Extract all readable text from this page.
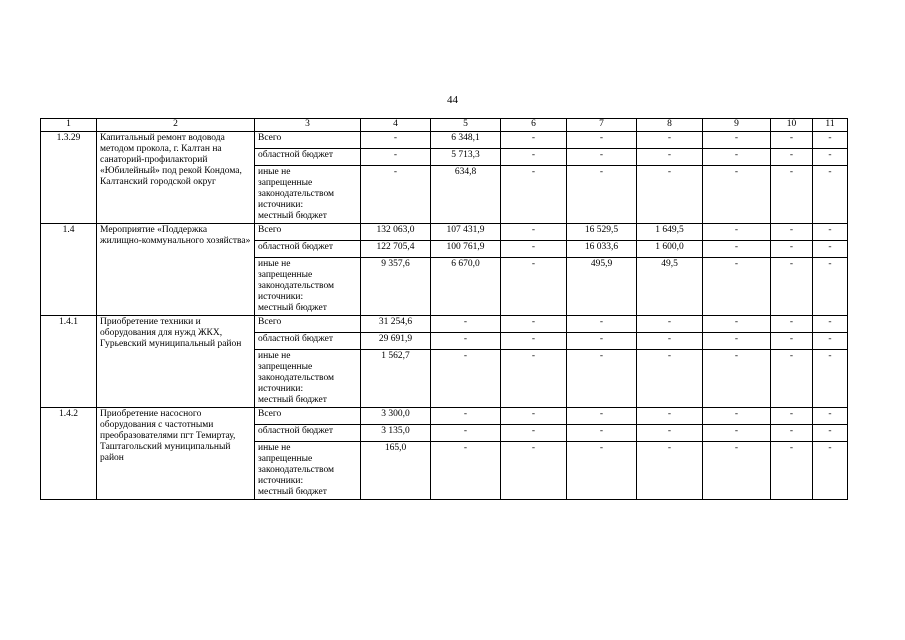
44
1	2	3	4	5	6	7	8	9	10	11
1.3.29	Капитальный ремонт водовода методом прокола, г. Калтан на санаторий-профилакторий «Юбилейный» под рекой Кондома, Калтанский городской округ	Всего	-	6 348,1	-	-	-	-	-	-
		областной бюджет	-	5 713,3	-	-	-	-	-	-

		иные не
запрещенные
законодательством
источники:
местный бюджет	-	634,8	-	-	-	-	-	-
1.4	Мероприятие «Поддержка жилищно-коммунального хозяйства»	Всего	132 063,0	107 431,9	-	16 529,5	1 649,5	-	-	-
		областной бюджет	122 705,4	100 761,9	-	16 033,6	1 600,0	-	-	-

		иные не
запрещенные
законодательством
источники:
местный бюджет	9 357,6	6 670,0	-	495,9	49,5	-	-	-
1.4.1	Приобретение техники и оборудования для нужд ЖКХ, Гурьевский муниципальный район	Всего	31 254,6	-	-	-	-	-	-	-
		областной бюджет	29 691,9	-	-	-	-	-	-	-

		иные не
запрещенные
законодательством
источники:
местный бюджет	1 562,7	-	-	-	-	-	-	-
1.4.2	Приобретение насосного оборудования с частотными преобразователями пгт Темиртау, Таштагольский муниципальный район	Всего	3 300,0	-	-	-	-	-	-	-
		областной бюджет	3 135,0	-	-	-	-	-	-	-

		иные не
запрещенные
законодательством
источники:
местный бюджет	165,0	-	-	-	-	-	-	-
